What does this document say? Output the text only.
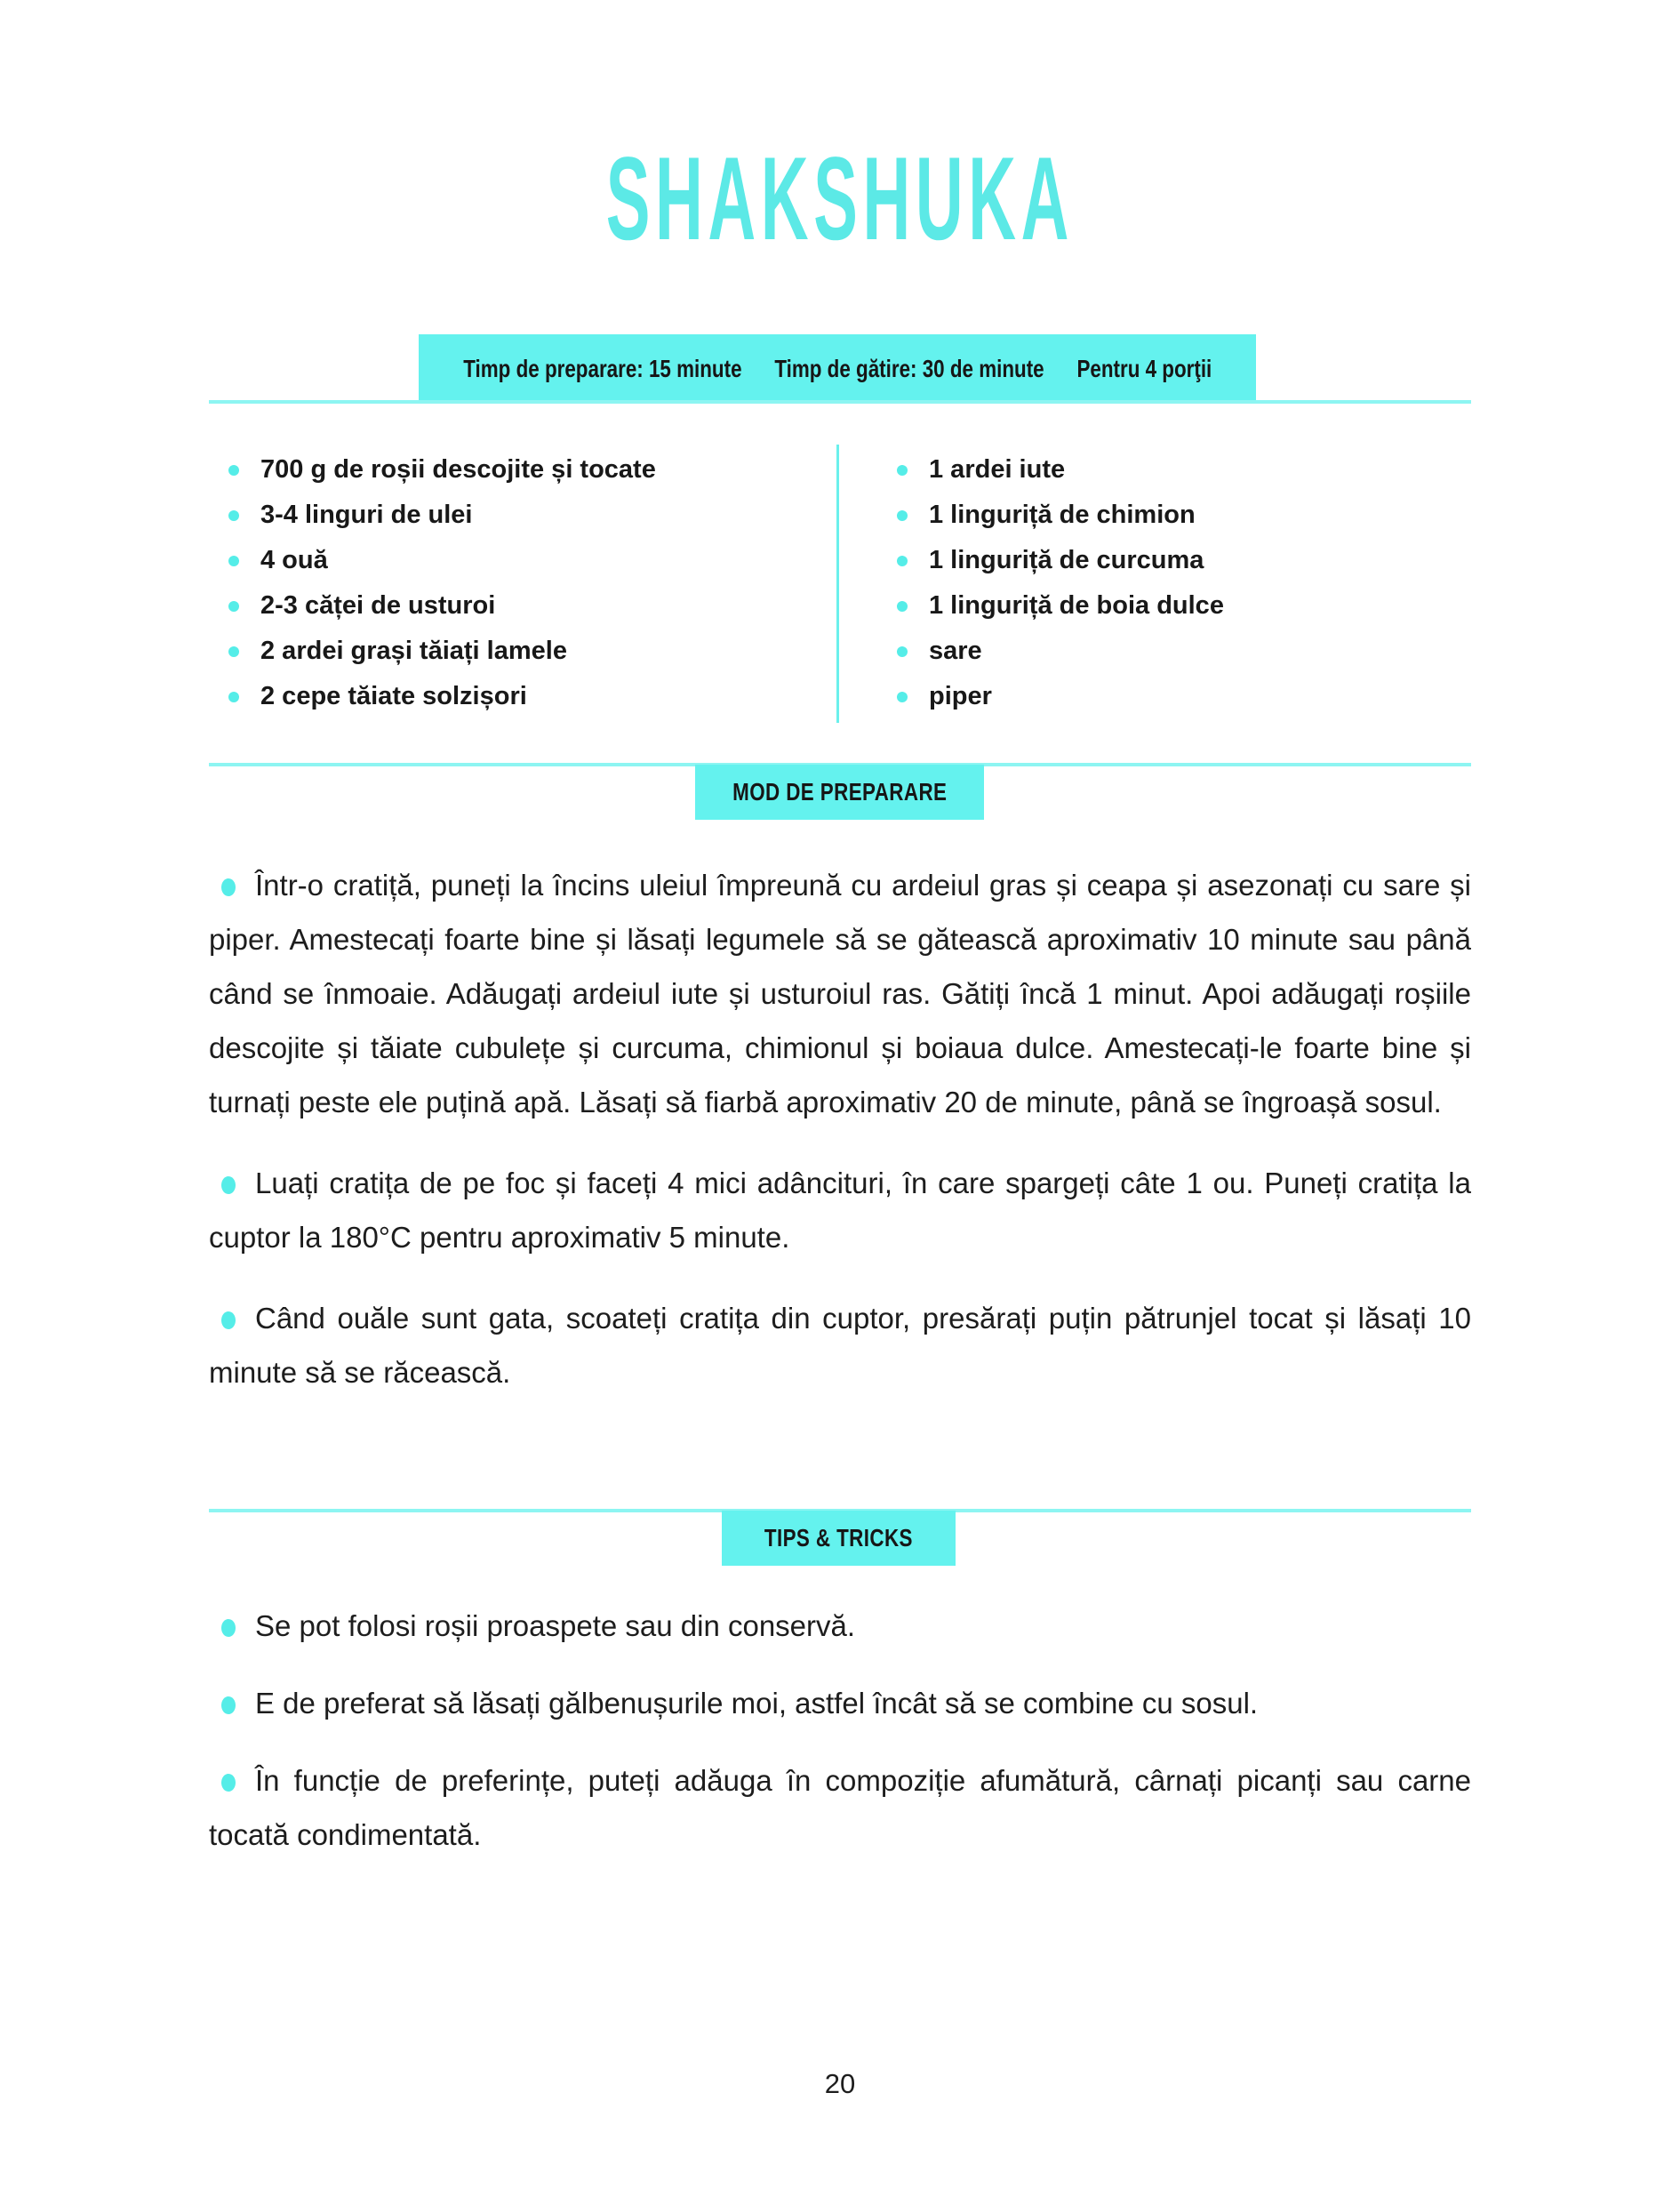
SHAKSHUKA
Timp de preparare: 15 minute Timp de gătire: 30 de minute Pentru 4 porţii
700 g de roșii descojite și tocate
3-4 linguri de ulei
4 ouă
2-3 căței de usturoi
2 ardei grași tăiați lamele
2 cepe tăiate solzișori
1 ardei iute
1 linguriță de chimion
1 linguriță de curcuma
1 linguriță de boia dulce
sare
piper
MOD DE PREPARARE

Într-o cratiță, puneți la încins uleiul împreună cu ardeiul gras și ceapa și asezonați cu sare și piper. Amestecați foarte bine și lăsați legumele să se gătească aproximativ 10 minute sau până când se înmoaie. Adăugați ardeiul iute și usturoiul ras. Gătiți încă 1 minut. Apoi adăugați roșiile descojite și tăiate cubulețe și curcuma, chimionul și boiaua dulce. Amestecați-le foarte bine și turnați peste ele puțină apă. Lăsați să fiarbă aproximativ 20 de minute, până se îngroașă sosul.

Luați cratița de pe foc și faceți 4 mici adâncituri, în care spargeți câte 1 ou. Puneți cratița la cuptor la 180°C pentru aproximativ 5 minute.

Când ouăle sunt gata, scoateți cratița din cuptor, presărați puțin pătrunjel tocat și lăsați 10 minute să se răcească.

TIPS & TRICKS

Se pot folosi roșii proaspete sau din conservă.

E de preferat să lăsați gălbenușurile moi, astfel încât să se combine cu sosul.

În funcție de preferințe, puteți adăuga în compoziție afumătură, cârnați picanți sau carne tocată condimentată.

20
